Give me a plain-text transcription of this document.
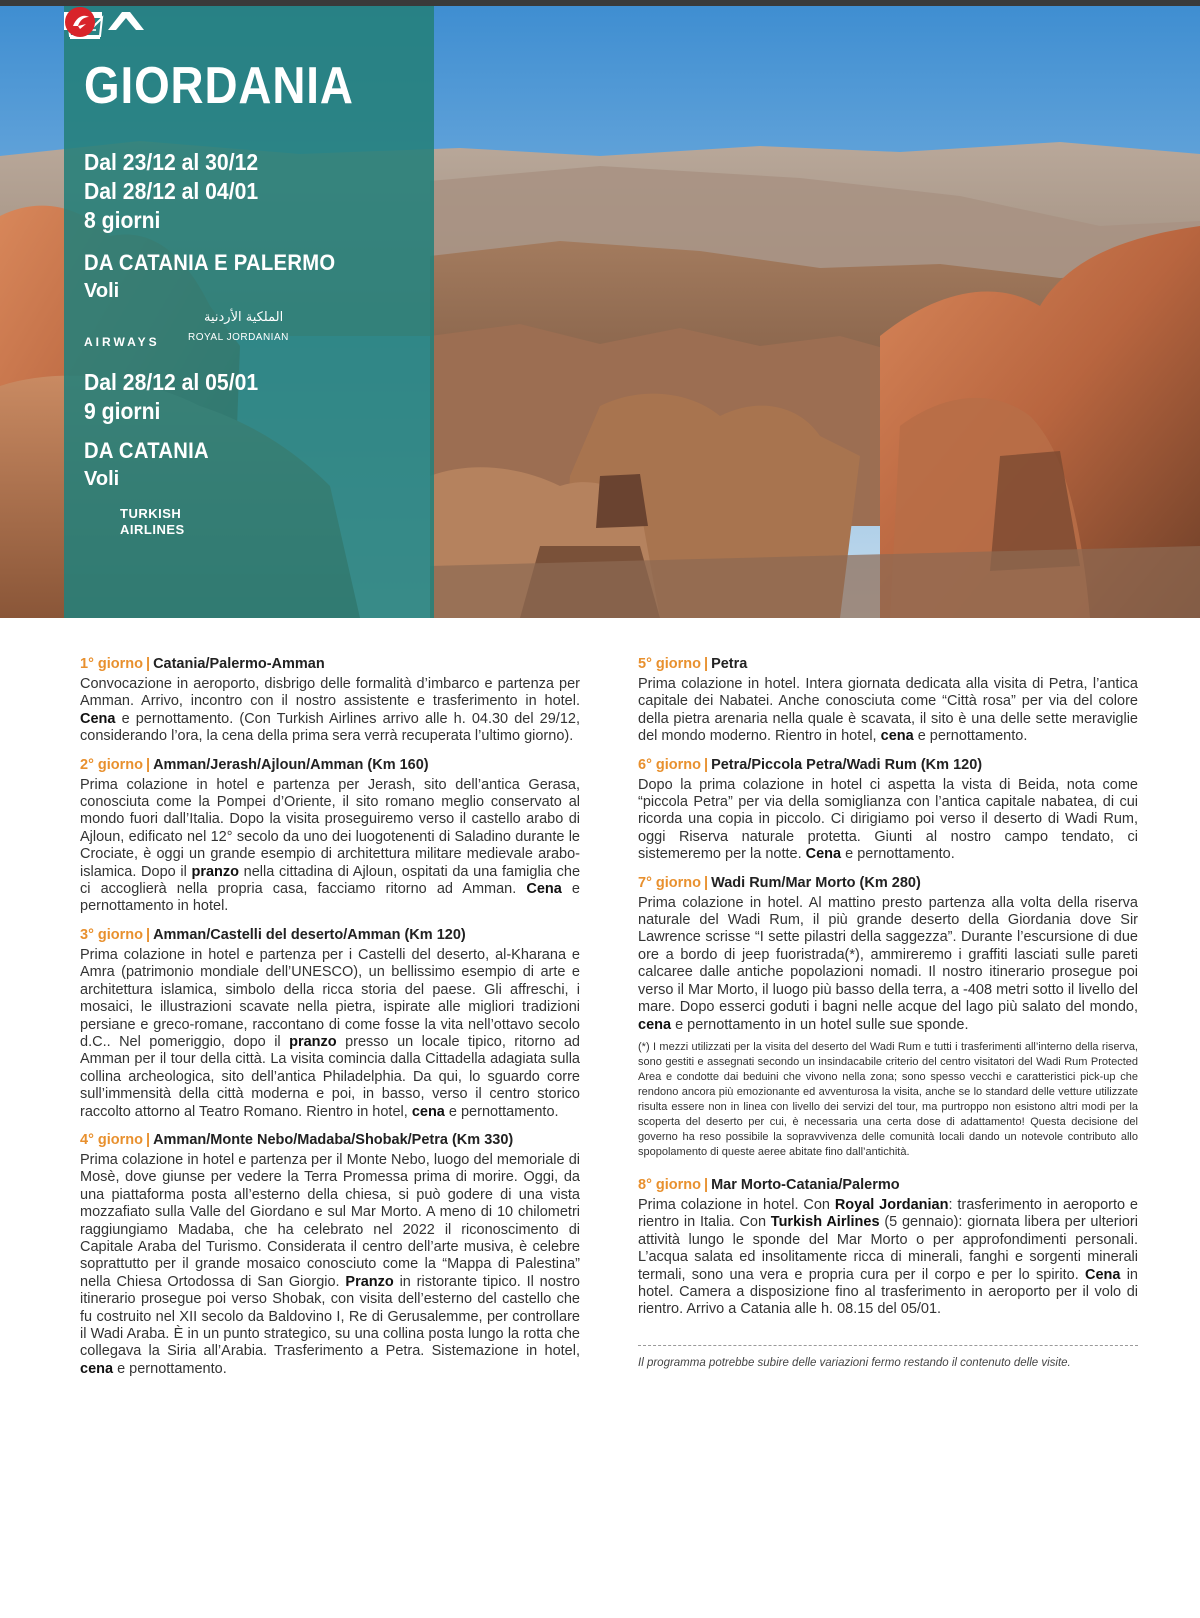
GIORDANIA
Dal 23/12 al 30/12
Dal 28/12 al 04/01
8 giorni
DA CATANIA E PALERMO
Voli
AIRWAYS
الملكية الأردنية
ROYAL JORDANIAN
Dal 28/12 al 05/01
9 giorni
DA CATANIA
Voli
TURKISH
AIRLINES
1° giorno | Catania/Palermo-Amman

Convocazione in aeroporto, disbrigo delle formalità d’imbarco e partenza per Amman. Arrivo, incontro con il nostro assistente e trasferimento in hotel. Cena e pernottamento. (Con Turkish Airlines arrivo alle h. 04.30 del 29/12, considerando l’ora, la cena della prima sera verrà recuperata l’ultimo giorno).

2° giorno | Amman/Jerash/Ajloun/Amman (Km 160)

Prima colazione in hotel e partenza per Jerash, sito dell’antica Gerasa, conosciuta come la Pompei d’Oriente, il sito romano meglio conservato al mondo fuori dall’Italia. Dopo la visita proseguiremo verso il castello arabo di Ajloun, edificato nel 12° secolo da uno dei luogotenenti di Saladino durante le Crociate, è oggi un grande esempio di architettura militare medievale arabo-islamica. Dopo il pranzo nella cittadina di Ajloun, ospitati da una famiglia che ci accoglierà nella propria casa, facciamo ritorno ad Amman. Cena e pernottamento in hotel.

3° giorno | Amman/Castelli del deserto/Amman (Km 120)

Prima colazione in hotel e partenza per i Castelli del deserto, al-Kharana e Amra (patrimonio mondiale dell’UNESCO), un bellissimo esempio di arte e architettura islamica, simbolo della ricca storia del paese. Gli affreschi, i mosaici, le illustrazioni scavate nella pietra, ispirate alle migliori tradizioni persiane e greco-romane, raccontano di come fosse la vita nell’ottavo secolo d.C.. Nel pomeriggio, dopo il pranzo presso un locale tipico, ritorno ad Amman per il tour della città. La visita comincia dalla Cittadella adagiata sulla collina archeologica, sito dell’antica Philadelphia. Da qui, lo sguardo corre sull’immensità della città moderna e poi, in basso, verso il centro storico raccolto attorno al Teatro Romano. Rientro in hotel, cena e pernottamento.

4° giorno | Amman/Monte Nebo/Madaba/Shobak/Petra (Km 330)

Prima colazione in hotel e partenza per il Monte Nebo, luogo del memoriale di Mosè, dove giunse per vedere la Terra Promessa prima di morire. Oggi, da una piattaforma posta all’esterno della chiesa, si può godere di una vista mozzafiato sulla Valle del Giordano e sul Mar Morto. A meno di 10 chilometri raggiungiamo Madaba, che ha celebrato nel 2022 il riconoscimento di Capitale Araba del Turismo. Considerata il centro dell’arte musiva, è celebre soprattutto per il grande mosaico conosciuto come la “Mappa di Palestina” nella Chiesa Ortodossa di San Giorgio. Pranzo in ristorante tipico. Il nostro itinerario prosegue poi verso Shobak, con visita dell’esterno del castello che fu costruito nel XII secolo da Baldovino I, Re di Gerusalemme, per controllare il Wadi Araba. È in un punto strategico, su una collina posta lungo la rotta che collegava la Siria all’Arabia. Trasferimento a Petra. Sistemazione in hotel, cena e pernottamento.

5° giorno | Petra

Prima colazione in hotel. Intera giornata dedicata alla visita di Petra, l’antica capitale dei Nabatei. Anche conosciuta come “Città rosa” per via del colore della pietra arenaria nella quale è scavata, il sito è una delle sette meraviglie del mondo moderno. Rientro in hotel, cena e pernottamento.

6° giorno | Petra/Piccola Petra/Wadi Rum (Km 120)

Dopo la prima colazione in hotel ci aspetta la vista di Beida, nota come “piccola Petra” per via della somiglianza con l’antica capitale nabatea, di cui ricorda una copia in piccolo. Ci dirigiamo poi verso il deserto di Wadi Rum, oggi Riserva naturale protetta. Giunti al nostro campo tendato, ci sistemeremo per la notte. Cena e pernottamento.

7° giorno | Wadi Rum/Mar Morto (Km 280)

Prima colazione in hotel. Al mattino presto partenza alla volta della riserva naturale del Wadi Rum, il più grande deserto della Giordania dove Sir Lawrence scrisse “I sette pilastri della saggezza”. Durante l’escursione di due ore a bordo di jeep fuoristrada(*), ammireremo i graffiti lasciati sulle pareti calcaree dalle antiche popolazioni nomadi. Il nostro itinerario prosegue poi verso il Mar Morto, il luogo più basso della terra, a -408 metri sotto il livello del mare. Dopo esserci goduti i bagni nelle acque del lago più salato del mondo, cena e pernottamento in un hotel sulle sue sponde.

(*) I mezzi utilizzati per la visita del deserto del Wadi Rum e tutti i trasferimenti all’interno della riserva, sono gestiti e assegnati secondo un insindacabile criterio del centro visitatori del Wadi Rum Protected Area e condotte dai beduini che vivono nella zona; sono spesso vecchi e caratteristici pick-up che rendono ancora più emozionante ed avventurosa la visita, anche se lo standard delle vetture utilizzate risulta essere non in linea con livello dei servizi del tour, ma purtroppo non esistono altri modi per la scoperta del deserto per cui, è necessaria una certa dose di adattamento! Questa decisione del governo ha reso possibile la sopravvivenza delle comunità locali dando un notevole contributo allo spopolamento di queste aeree abitate fino dall’antichità.

8° giorno | Mar Morto-Catania/Palermo

Prima colazione in hotel. Con Royal Jordanian: trasferimento in aeroporto e rientro in Italia. Con Turkish Airlines (5 gennaio): giornata libera per ulteriori attività lungo le sponde del Mar Morto o per approfondimenti personali. L’acqua salata ed insolitamente ricca di minerali, fanghi e sorgenti minerali termali, sono una vera e propria cura per il corpo e per lo spirito. Cena in hotel. Camera a disposizione fino al trasferimento in aeroporto per il volo di rientro. Arrivo a Catania alle h. 08.15 del 05/01.

Il programma potrebbe subire delle variazioni fermo restando il contenuto delle visite.
